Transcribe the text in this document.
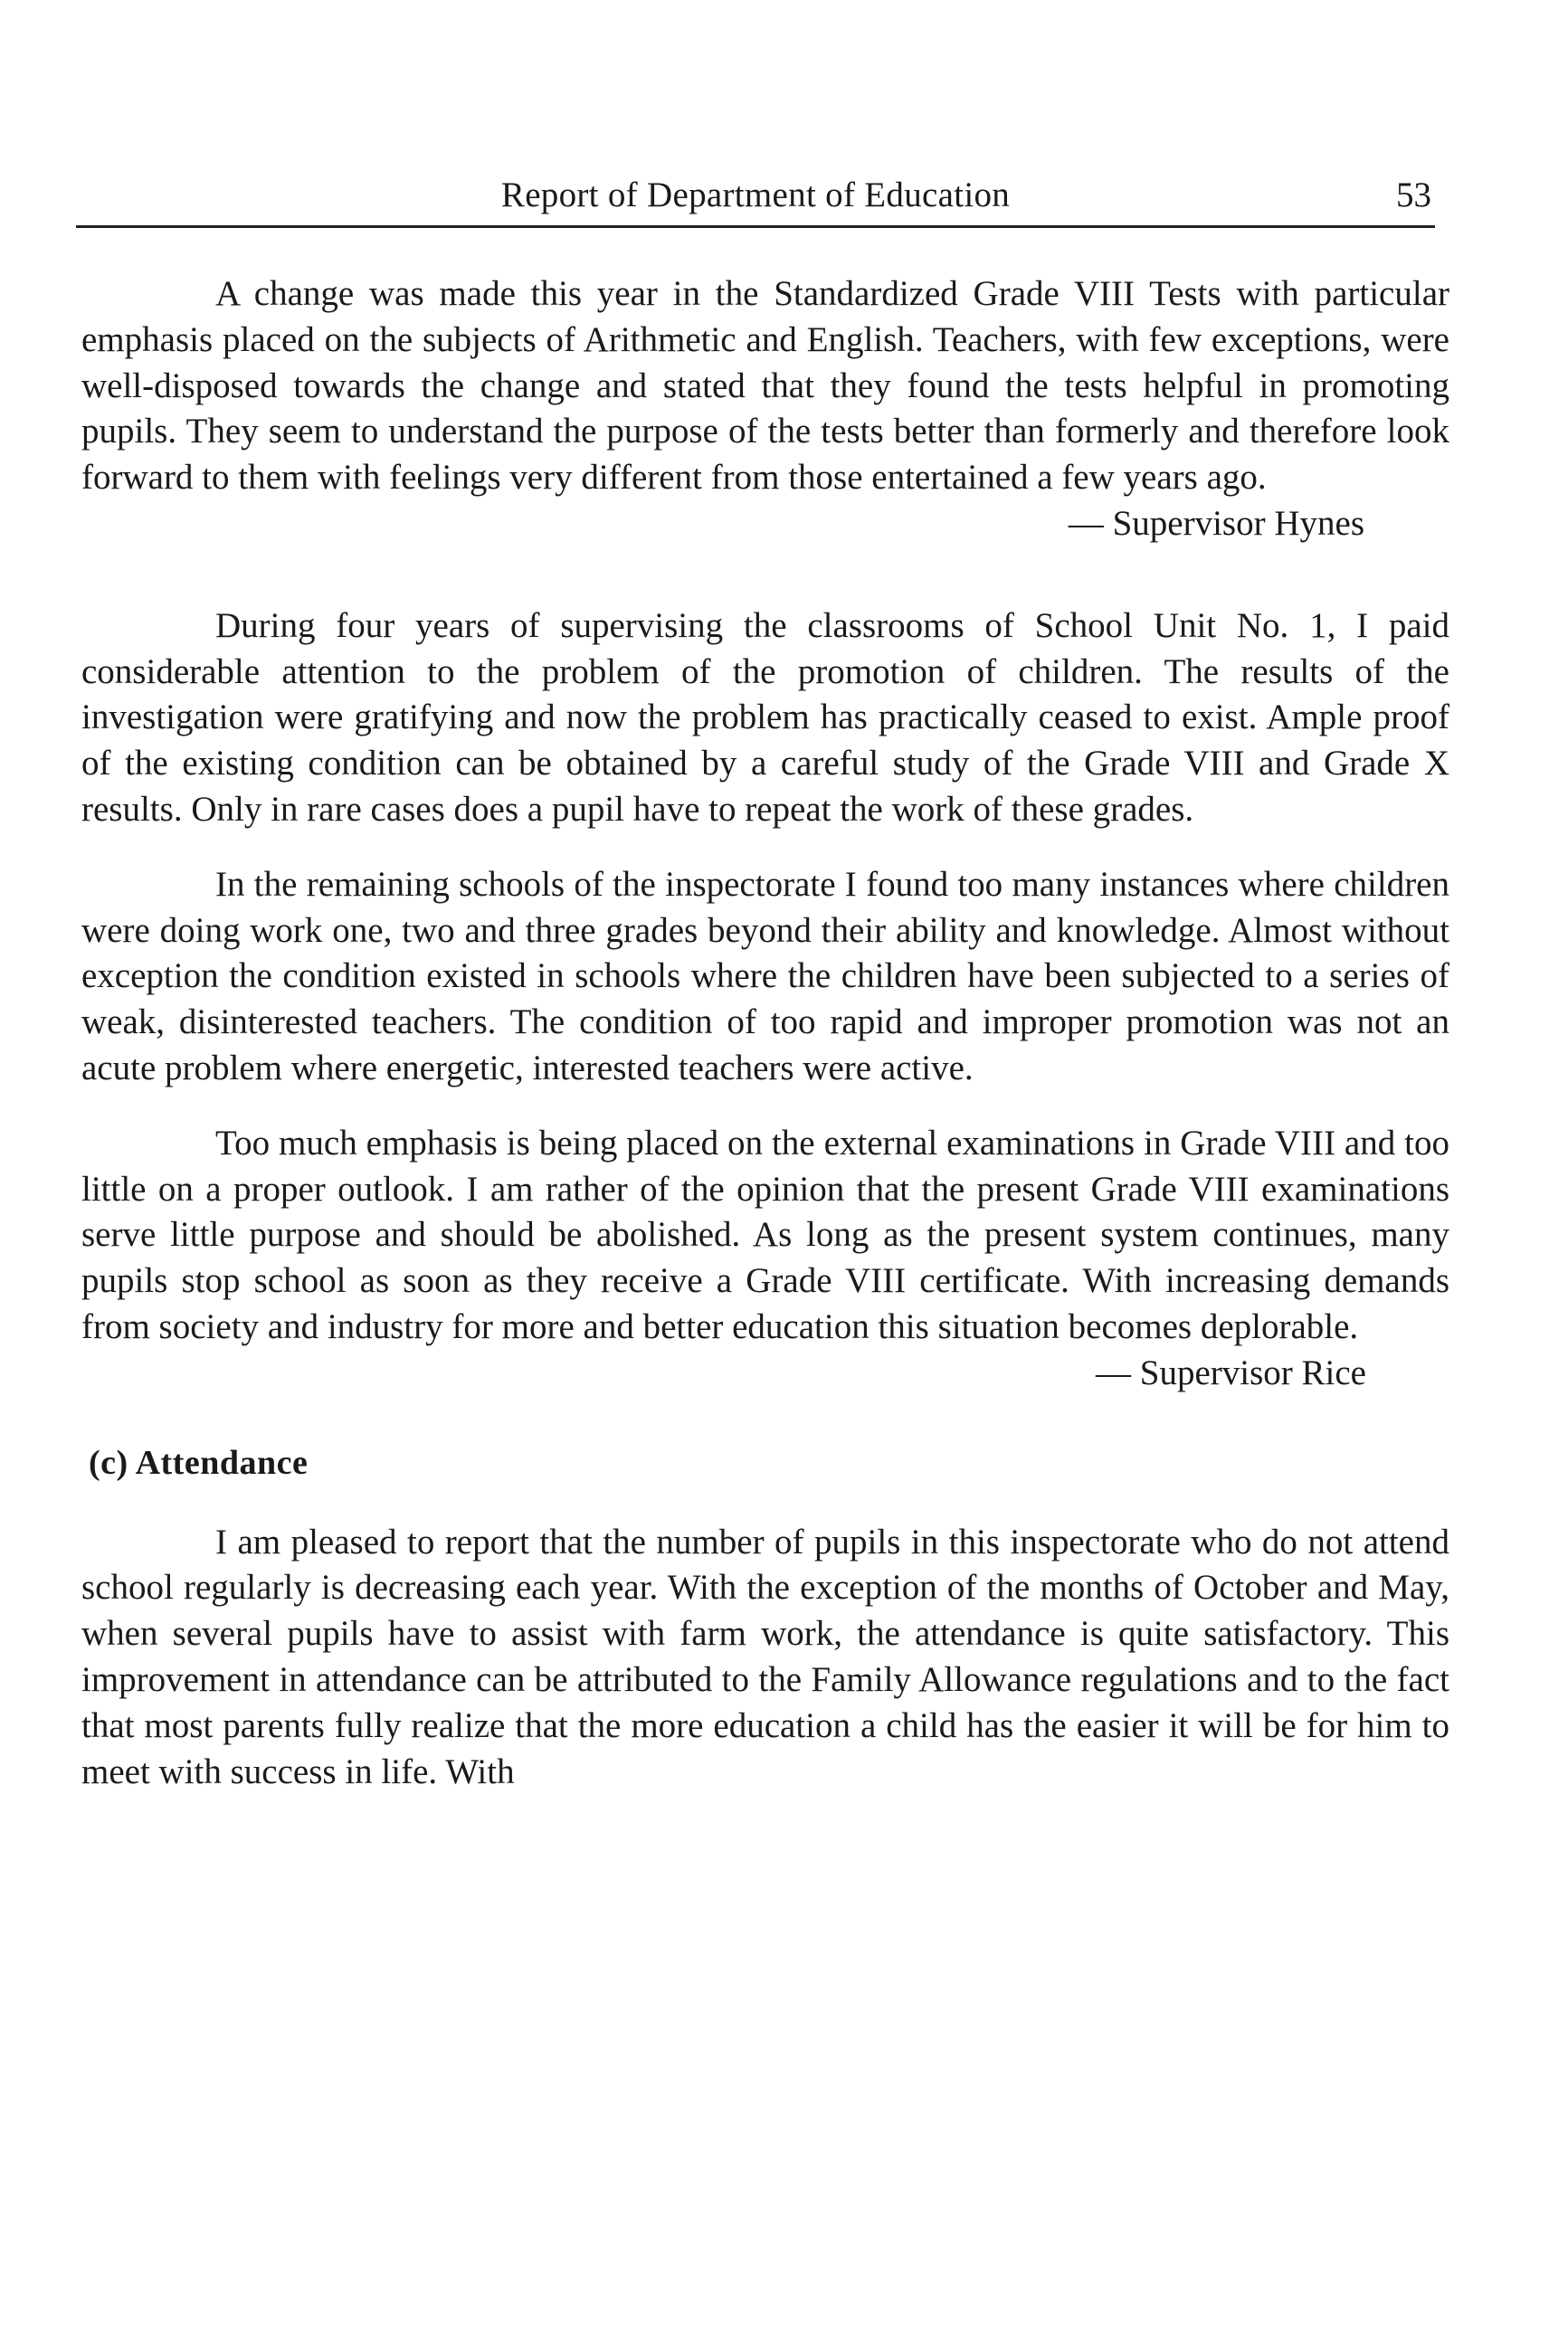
Report of Department of Education	53

A change was made this year in the Standardized Grade VIII Tests with particular emphasis placed on the subjects of Arithmetic and English. Teachers, with few exceptions, were well-disposed towards the change and stated that they found the tests helpful in promoting pupils. They seem to understand the purpose of the tests better than formerly and therefore look forward to them with feelings very different from those entertained a few years ago.

— Supervisor Hynes

During four years of supervising the classrooms of School Unit No. 1, I paid considerable attention to the problem of the promotion of children. The results of the investigation were gratifying and now the problem has practically ceased to exist. Ample proof of the existing condition can be obtained by a careful study of the Grade VIII and Grade X results. Only in rare cases does a pupil have to repeat the work of these grades.

In the remaining schools of the inspectorate I found too many instances where children were doing work one, two and three grades beyond their ability and knowledge. Almost without exception the condition existed in schools where the children have been subjected to a series of weak, disinterested teachers. The condition of too rapid and improper promotion was not an acute problem where energetic, interested teachers were active.

Too much emphasis is being placed on the external examinations in Grade VIII and too little on a proper outlook. I am rather of the opinion that the present Grade VIII examinations serve little purpose and should be abolished. As long as the present system continues, many pupils stop school as soon as they receive a Grade VIII certificate. With increasing demands from society and industry for more and better education this situation becomes deplorable.

— Supervisor Rice
(c) Attendance

I am pleased to report that the number of pupils in this inspectorate who do not attend school regularly is decreasing each year. With the exception of the months of October and May, when several pupils have to assist with farm work, the attendance is quite satisfactory. This improvement in attendance can be attributed to the Family Allowance regulations and to the fact that most parents fully realize that the more education a child has the easier it will be for him to meet with success in life. With
